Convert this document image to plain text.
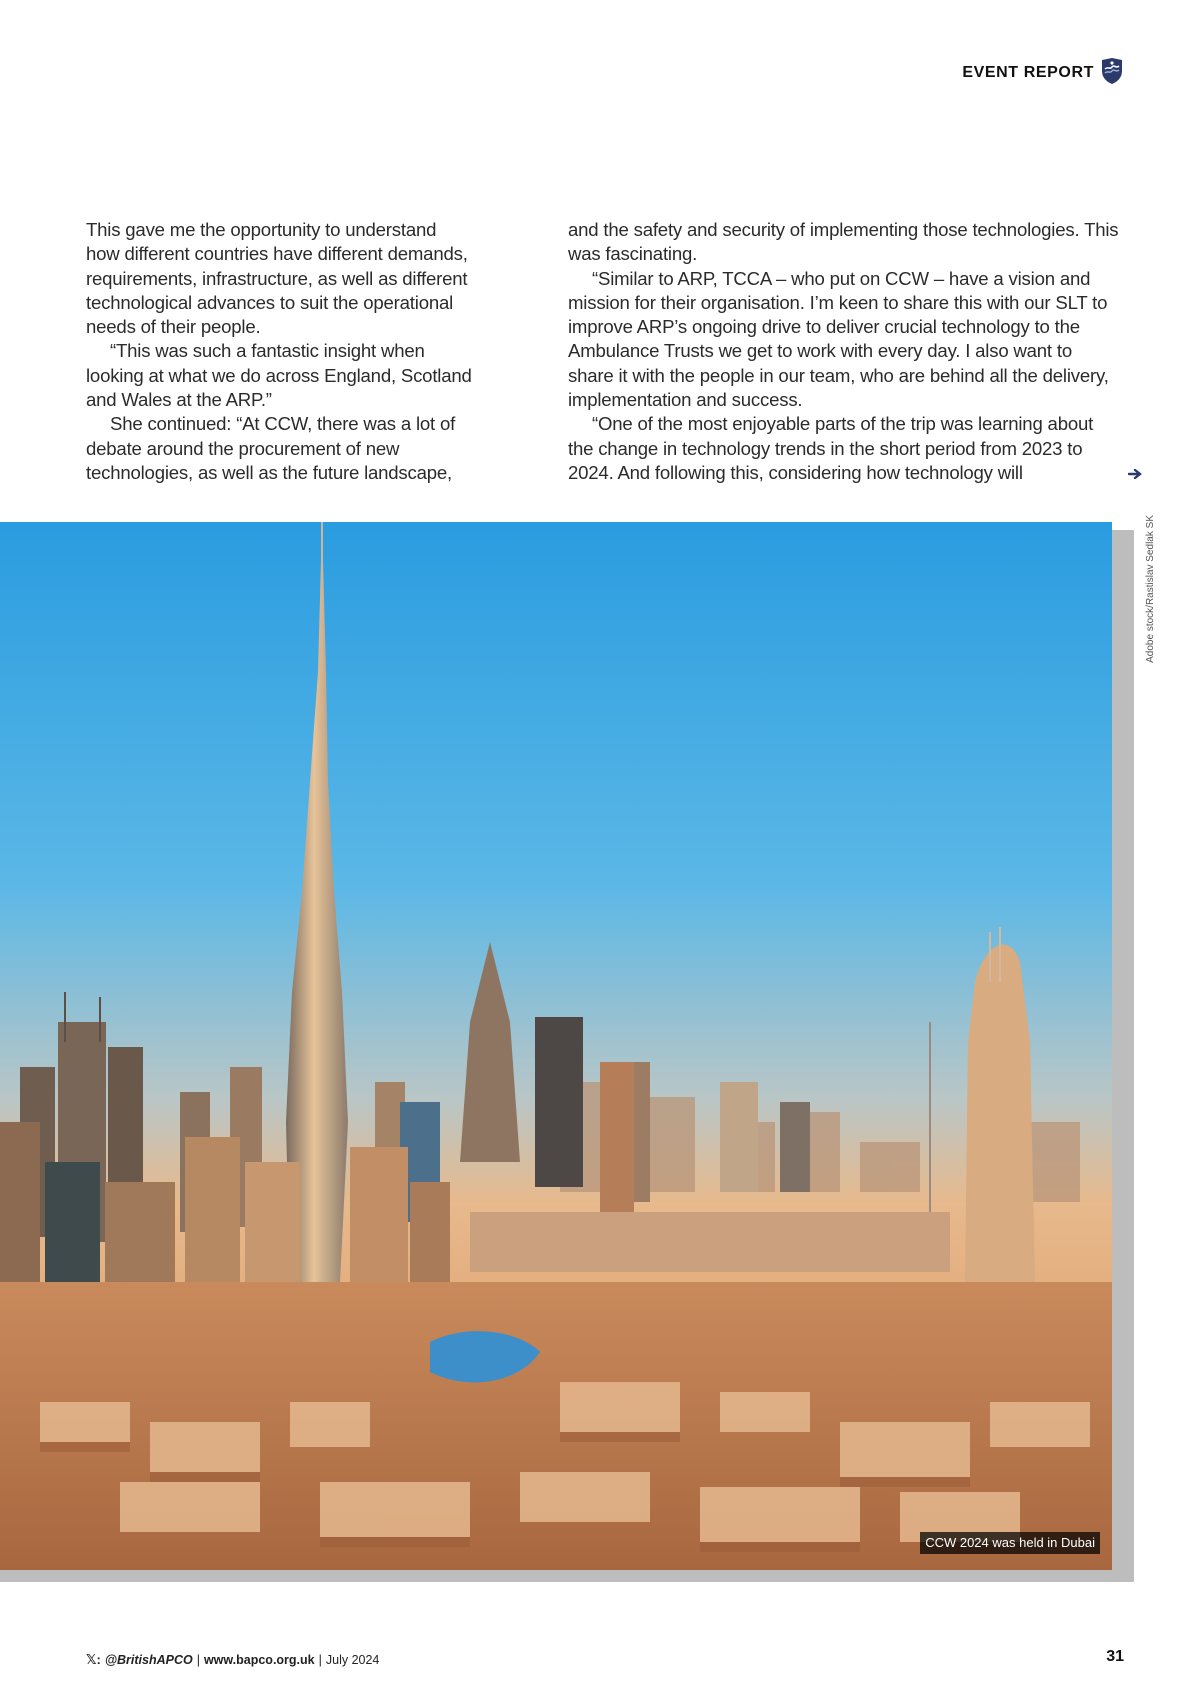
EVENT REPORT

This gave me the opportunity to understand how different countries have different demands, requirements, infrastructure, as well as different technological advances to suit the operational needs of their people.

“This was such a fantastic insight when looking at what we do across England, Scotland and Wales at the ARP.”

She continued: “At CCW, there was a lot of debate around the procurement of new technologies, as well as the future landscape,

and the safety and security of implementing those technologies. This was fascinating.

“Similar to ARP, TCCA – who put on CCW – have a vision and mission for their organisation. I’m keen to share this with our SLT to improve ARP’s ongoing drive to deliver crucial technology to the Ambulance Trusts we get to work with every day. I also want to share it with the people in our team, who are behind all the delivery, implementation and success.

“One of the most enjoyable parts of the trip was learning about the change in technology trends in the short period from 2023 to 2024. And following this, considering how technology will

CCW 2024 was held in Dubai
Adobe stock/Rastislav Sedlak SK
𝕏: @BritishAPCO | www.bapco.org.uk | July 2024	31
